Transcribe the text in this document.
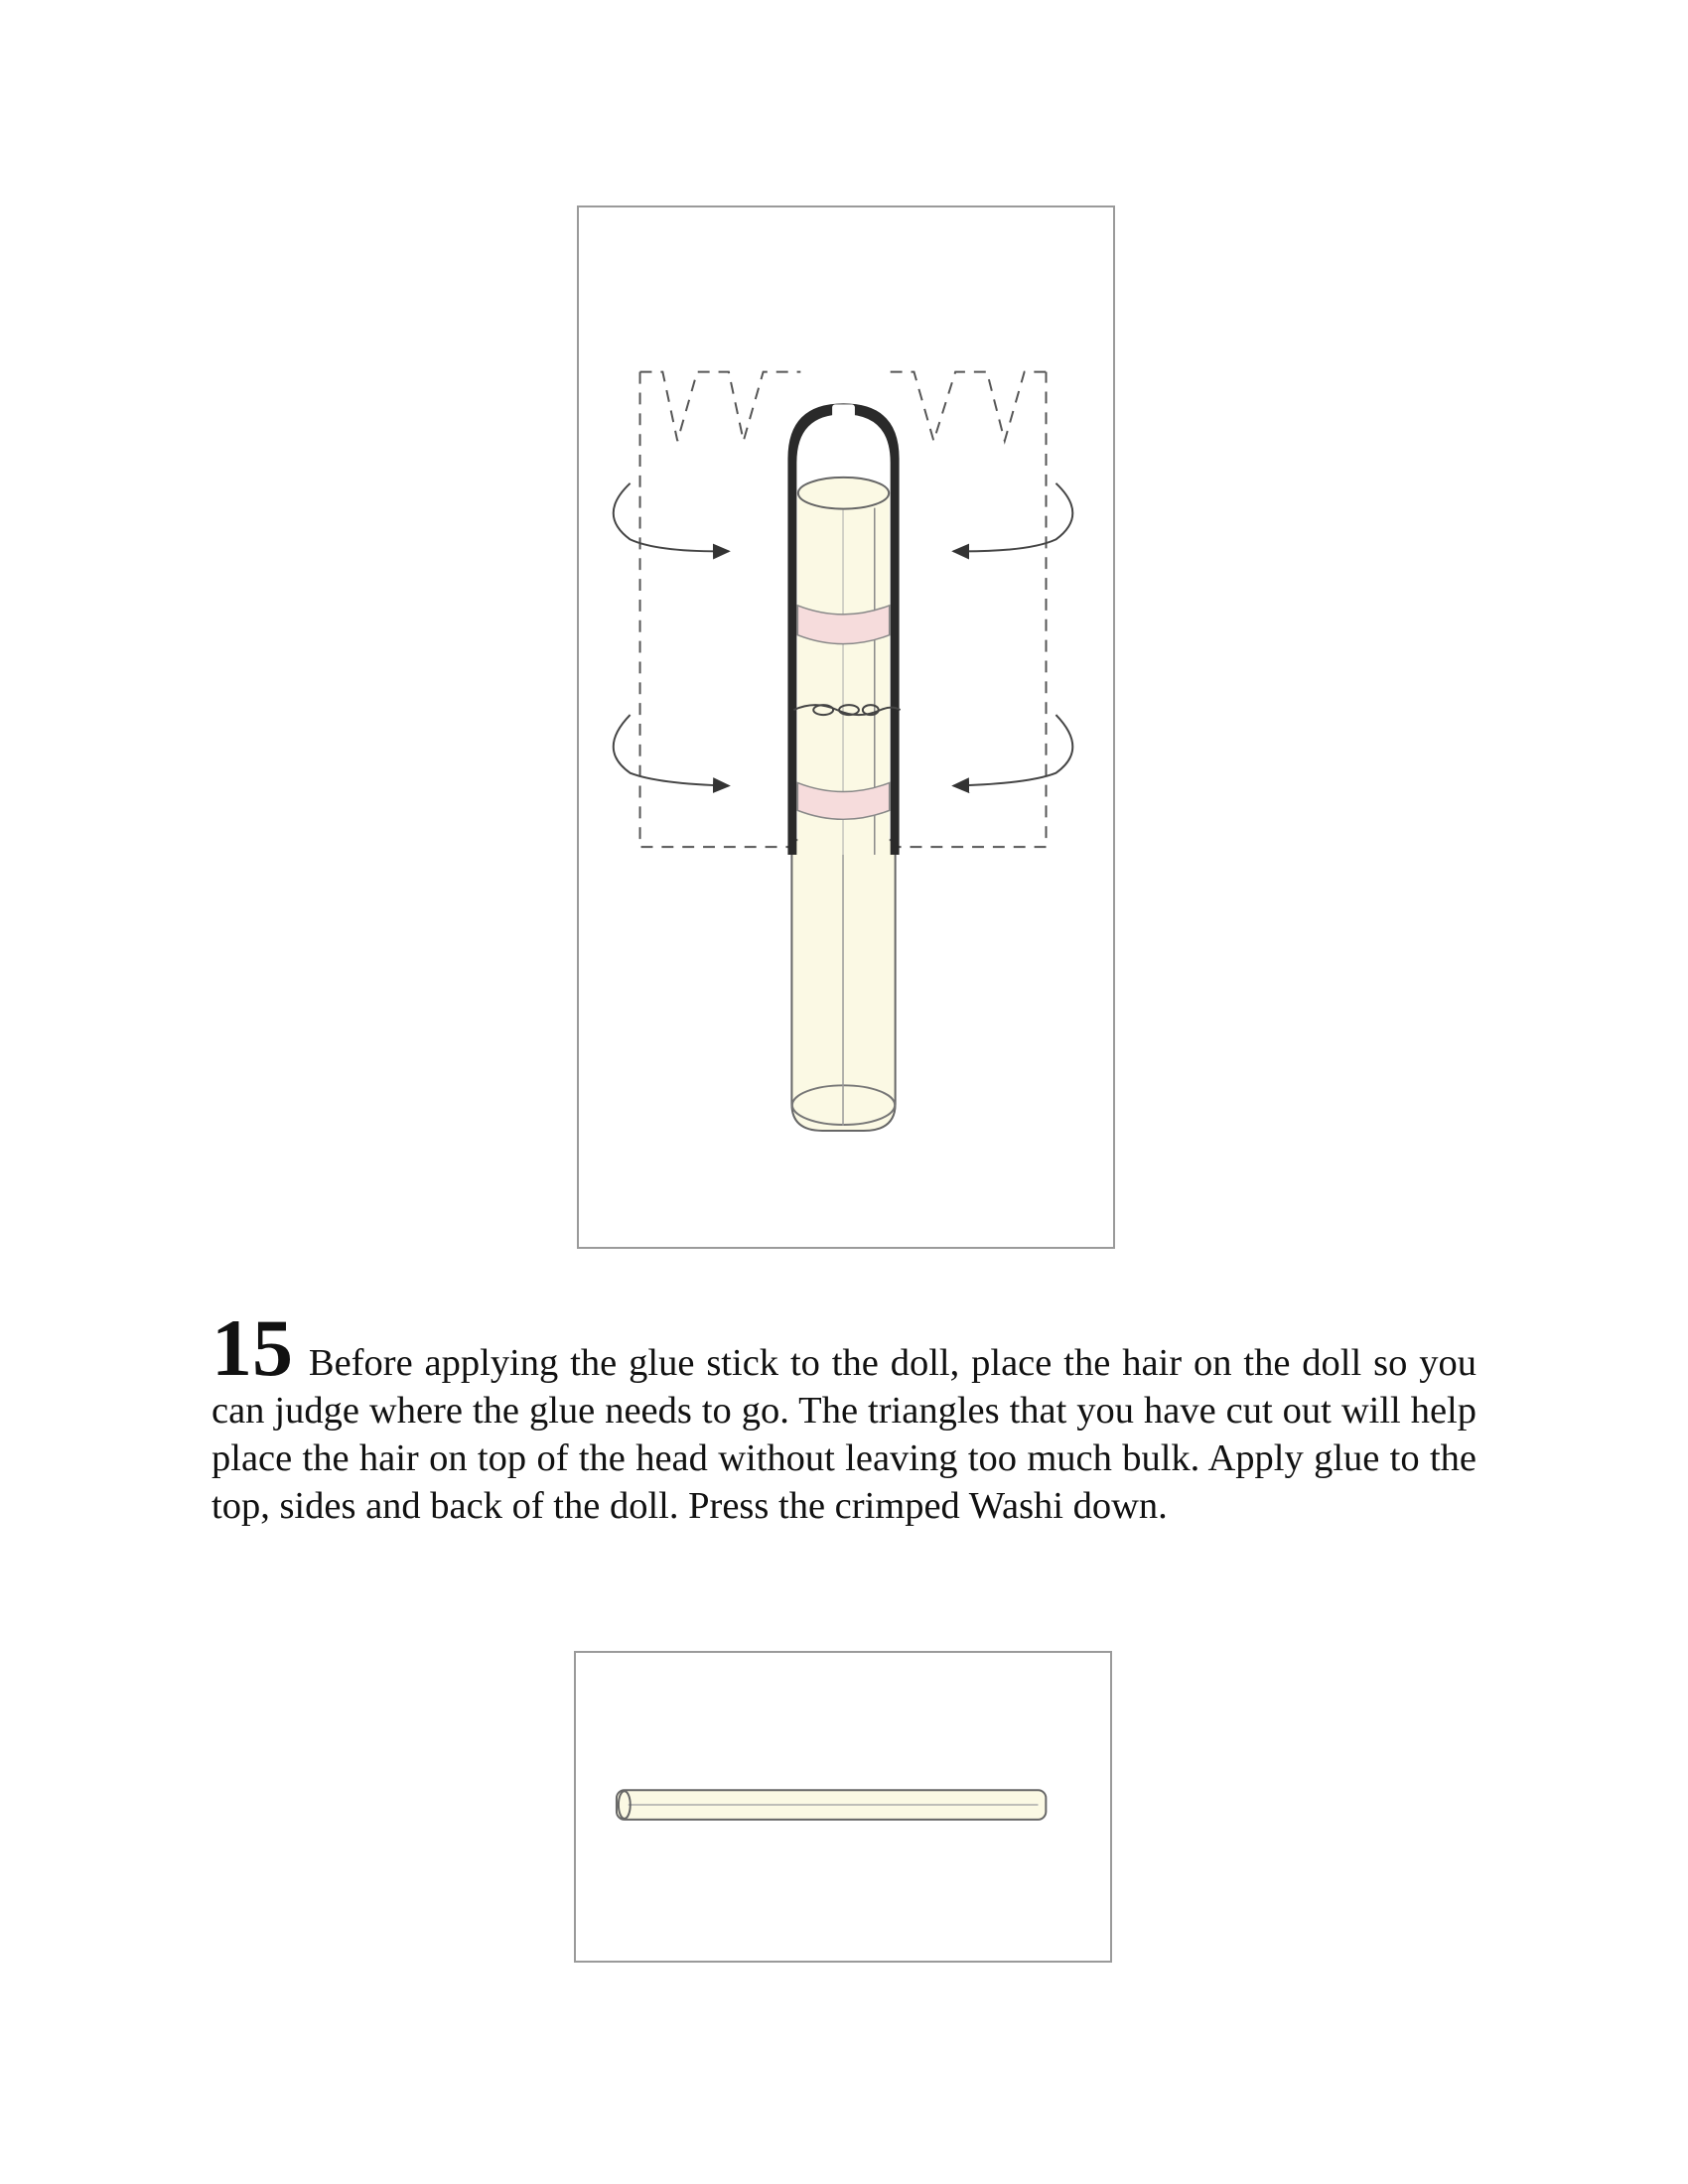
15 Before applying the glue stick to the doll, place the hair on the doll so you can judge where the glue needs to go. The triangles that you have cut out will help place the hair on top of the head without leaving too much bulk. Apply glue to the top, sides and back of the doll. Press the crimped Washi down.
